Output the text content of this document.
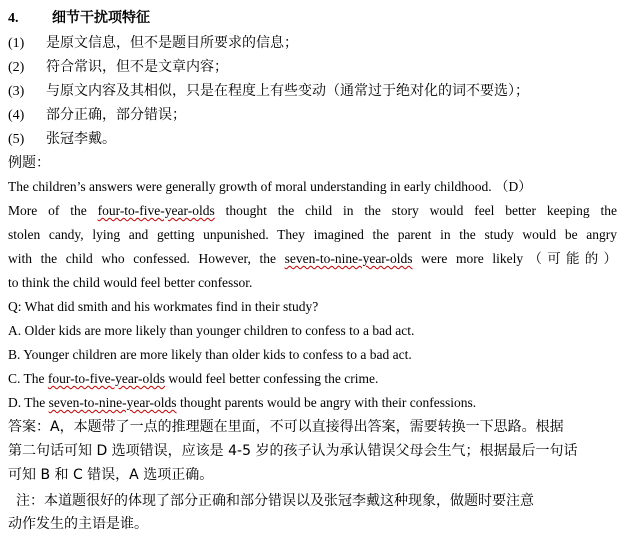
4. 细节干扰项特征
(1) 是原文信息，但不是题目所要求的信息；
(2) 符合常识，但不是文章内容；
(3) 与原文内容及其相似，只是在程度上有些变动（通常过于绝对化的词不要选）；
(4) 部分正确，部分错误；
(5) 张冠李戴。
例题：
The children’s answers were generally growth of moral understanding in early childhood. （D）
More of the four-to-five-year-olds thought the child in the story would feel better keeping the
stolen candy, lying and getting unpunished. They imagined the parent in the study would be angry
with the child who confessed. However, the seven-to-nine-year-olds were more likely（可能的）
to think the child would feel better confessor.
Q: What did smith and his workmates find in their study?
A. Older kids are more likely than younger children to confess to a bad act.
B. Younger children are more likely than older kids to confess to a bad act.
C. The four-to-five-year-olds would feel better confessing the crime.
D. The seven-to-nine-year-olds thought parents would be angry with their confessions.
答案：A，本题带了一点的推理题在里面，不可以直接得出答案，需要转换一下思路。根据
第二句话可知 D 选项错误，应该是 4-5 岁的孩子认为承认错误父母会生气；根据最后一句话
可知 B 和 C 错误，A 选项正确。
注：本道题很好的体现了部分正确和部分错误以及张冠李戴这种现象，做题时要注意
动作发生的主语是谁。
